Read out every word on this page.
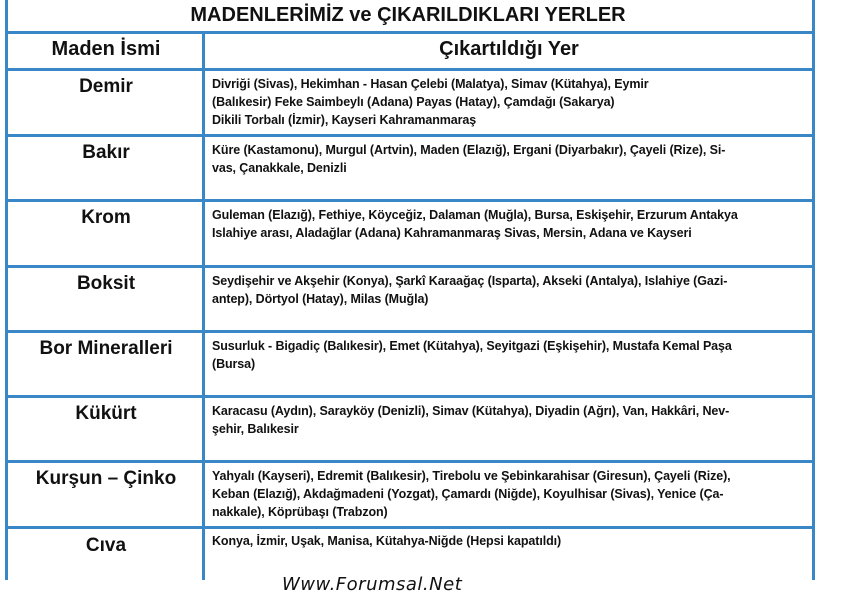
MADENLERİMİZ ve ÇIKARILDIKLARI YERLER
Maden İsmi	Çıkartıldığı Yer
Demir	Divriği (Sivas), Hekimhan - Hasan Çelebi (Malatya), Simav (Kütahya), Eymir
(Balıkesir) Feke Saimbeylı (Adana) Payas (Hatay), Çamdağı (Sakarya)
Dikili Torbalı (İzmir), Kayseri Kahramanmaraş
Bakır	Küre (Kastamonu), Murgul (Artvin), Maden (Elazığ), Ergani (Diyarbakır), Çayeli (Rize), Si-
vas, Çanakkale, Denizli
Krom	Guleman (Elazığ), Fethiye, Köyceğiz, Dalaman (Muğla), Bursa, Eskişehir, Erzurum Antakya
Islahiye arası, Aladağlar (Adana) Kahramanmaraş Sivas, Mersin, Adana ve Kayseri
Boksit	Seydişehir ve Akşehir (Konya), Şarkî Karaağaç (Isparta), Akseki (Antalya), Islahiye (Gazi-
antep), Dörtyol (Hatay), Milas (Muğla)
Bor Mineralleri	Susurluk - Bigadiç (Balıkesir), Emet (Kütahya), Seyitgazi (Eşkişehir), Mustafa Kemal Paşa
(Bursa)
Kükürt	Karacasu (Aydın), Sarayköy (Denizli), Simav (Kütahya), Diyadin (Ağrı), Van, Hakkâri, Nev-
şehir, Balıkesir
Kurşun – Çinko	Yahyalı (Kayseri), Edremit (Balıkesir), Tirebolu ve Şebinkarahisar (Giresun), Çayeli (Rize),
Keban (Elazığ), Akdağmadeni (Yozgat), Çamardı (Niğde), Koyulhisar (Sivas), Yenice (Ça-
nakkale), Köprübaşı (Trabzon)
Cıva	Konya, İzmir, Uşak, Manisa, Kütahya-Niğde (Hepsi kapatıldı)
Www.Forumsal.Net
